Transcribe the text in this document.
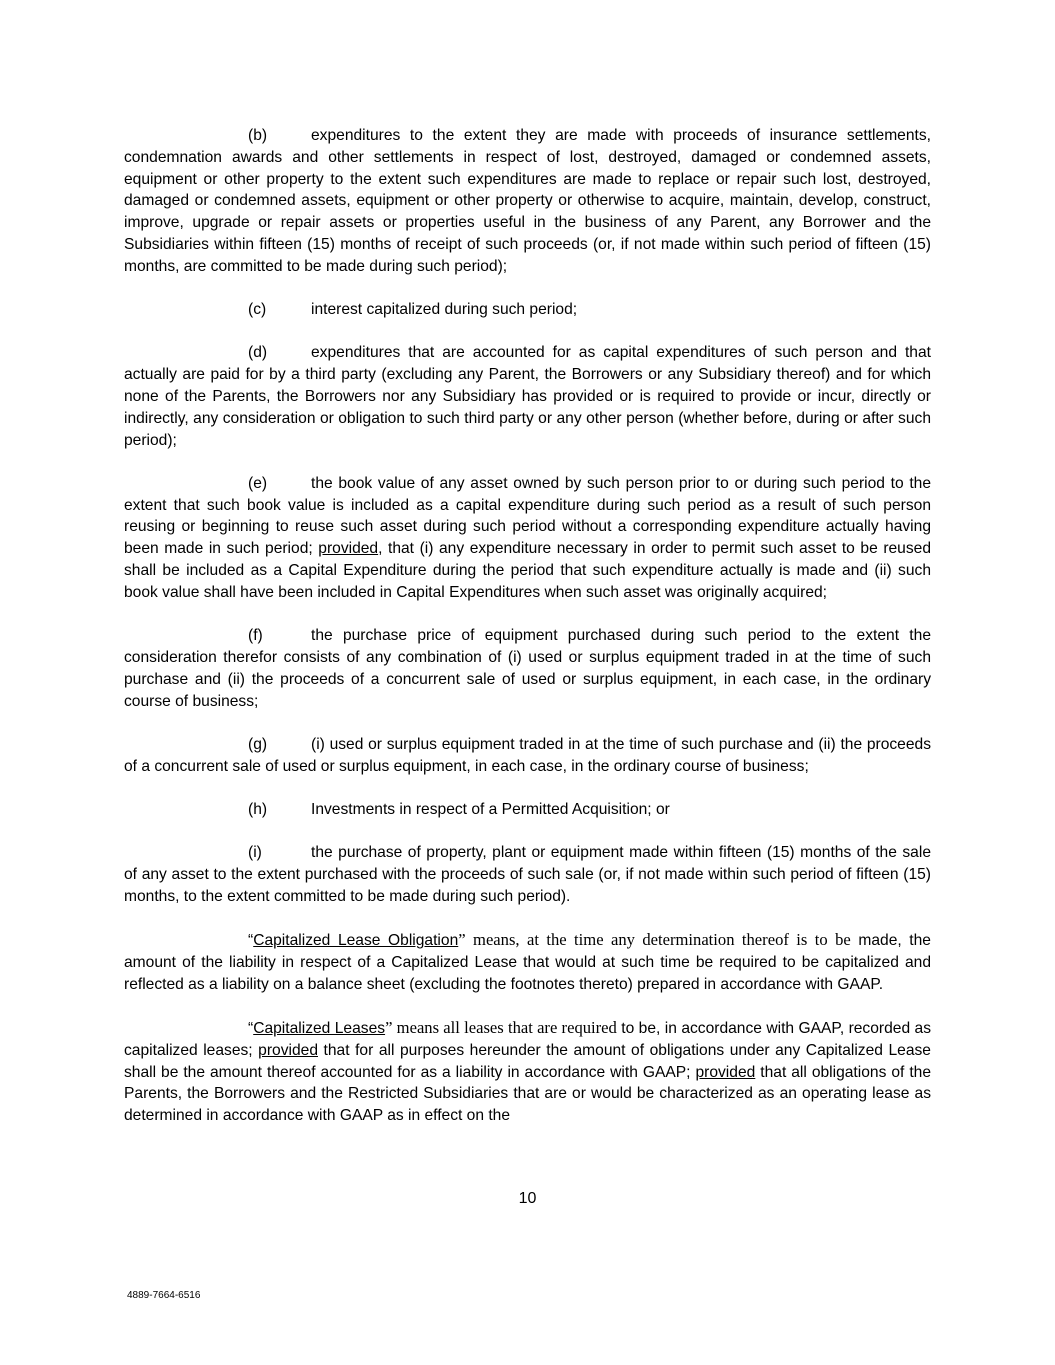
(b)	expenditures to the extent they are made with proceeds of insurance settlements, condemnation awards and other settlements in respect of lost, destroyed, damaged or condemned assets, equipment or other property to the extent such expenditures are made to replace or repair such lost, destroyed, damaged or condemned assets, equipment or other property or otherwise to acquire, maintain, develop, construct, improve, upgrade or repair assets or properties useful in the business of any Parent, any Borrower and the Subsidiaries within fifteen (15) months of receipt of such proceeds (or, if not made within such period of fifteen (15) months, are committed to be made during such period);

(c)	interest capitalized during such period;

(d)	expenditures that are accounted for as capital expenditures of such person and that actually are paid for by a third party (excluding any Parent, the Borrowers or any Subsidiary thereof) and for which none of the Parents, the Borrowers nor any Subsidiary has provided or is required to provide or incur, directly or indirectly, any consideration or obligation to such third party or any other person (whether before, during or after such period);

(e)	the book value of any asset owned by such person prior to or during such period to the extent that such book value is included as a capital expenditure during such period as a result of such person reusing or beginning to reuse such asset during such period without a corresponding expenditure actually having been made in such period; provided, that (i) any expenditure necessary in order to permit such asset to be reused shall be included as a Capital Expenditure during the period that such expenditure actually is made and (ii) such book value shall have been included in Capital Expenditures when such asset was originally acquired;

(f)	the purchase price of equipment purchased during such period to the extent the consideration therefor consists of any combination of (i) used or surplus equipment traded in at the time of such purchase and (ii) the proceeds of a concurrent sale of used or surplus equipment, in each case, in the ordinary course of business;

(g)	(i) used or surplus equipment traded in at the time of such purchase and (ii) the proceeds of a concurrent sale of used or surplus equipment, in each case, in the ordinary course of business;

(h)	Investments in respect of a Permitted Acquisition; or

(i)	the purchase of property, plant or equipment made within fifteen (15) months of the sale of any asset to the extent purchased with the proceeds of such sale (or, if not made within such period of fifteen (15) months, to the extent committed to be made during such period).

“Capitalized Lease Obligation” means, at the time any determination thereof is to be made, the amount of the liability in respect of a Capitalized Lease that would at such time be required to be capitalized and reflected as a liability on a balance sheet (excluding the footnotes thereto) prepared in accordance with GAAP.

“Capitalized Leases” means all leases that are required to be, in accordance with GAAP, recorded as capitalized leases; provided that for all purposes hereunder the amount of obligations under any Capitalized Lease shall be the amount thereof accounted for as a liability in accordance with GAAP; provided that all obligations of the Parents, the Borrowers and the Restricted Subsidiaries that are or would be characterized as an operating lease as determined in accordance with GAAP as in effect on the

10
4889-7664-6516
